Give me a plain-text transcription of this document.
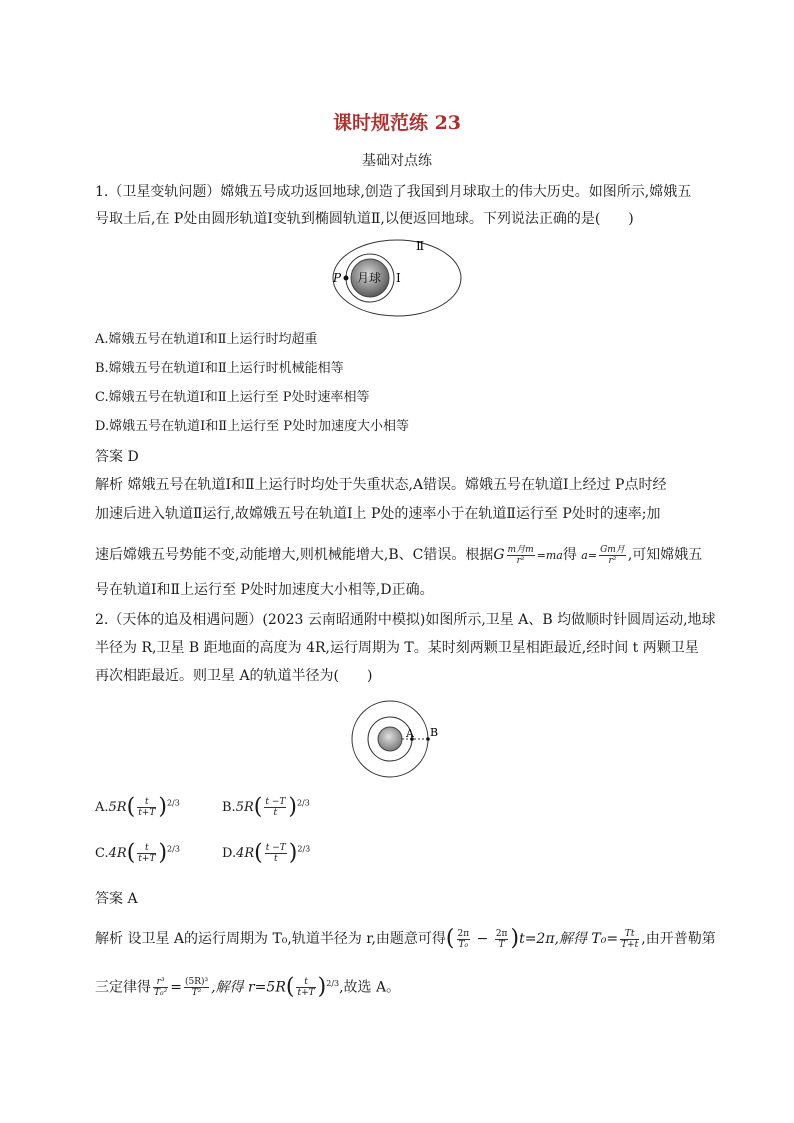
课时规范练 23
基础对点练
1.（卫星变轨问题）嫦娥五号成功返回地球,创造了我国到月球取土的伟大历史。如图所示,嫦娥五
号取土后,在 P处由圆形轨道Ⅰ变轨到椭圆轨道Ⅱ,以便返回地球。下列说法正确的是(　　)
月球
P	Ⅰ
Ⅱ
A.嫦娥五号在轨道Ⅰ和Ⅱ上运行时均超重
B.嫦娥五号在轨道Ⅰ和Ⅱ上运行时机械能相等
C.嫦娥五号在轨道Ⅰ和Ⅱ上运行至 P处时速率相等
D.嫦娥五号在轨道Ⅰ和Ⅱ上运行至 P处时加速度大小相等
答案 D
解析 嫦娥五号在轨道Ⅰ和Ⅱ上运行时均处于失重状态,A错误。嫦娥五号在轨道Ⅰ上经过 P点时经
加速后进入轨道Ⅱ运行,故嫦娥五号在轨道Ⅰ上 P处的速率小于在轨道Ⅱ运行至 P处时的速率;加
速后嫦娥五号势能不变,动能增大,则机械能增大,B、C错误。根据G $\frac{\text{m月m}}{\text{r²}} =ma$得 $a= \frac{\text{Gm月}}{\text{r²}}$ ,可知嫦娥五
号在轨道Ⅰ和Ⅱ上运行至 P处时加速度大小相等,D正确。
2.（天体的追及相遇问题）(2023 云南昭通附中模拟)如图所示,卫星 A、B 均做顺时针圆周运动,地球
半径为 R,卫星 B 距地面的高度为 4R,运行周期为 T。某时刻两颗卫星相距最近,经时间 t 两颗卫星
再次相距最近。则卫星 A的轨道半径为(　　)
A B
$A.5R( \frac{t}{t+T} )^{2/3}$	$B.5R( \frac{t -T}{t} )^{2/3}$
$C.4R( \frac{t}{t+T} )^{2/3}$	$D.4R( \frac{t -T}{t} )^{2/3}$
答案 A
解析 设卫星 A的运行周期为 T₀,轨道半径为 r,由题意可得( $\frac{2\pi}{\text{T₀}} - \frac{2\pi}{T} )t=2\pi$,解得 $T_0= \frac{Tt}{T+t}$ ,由开普勒第
三定律得 $\frac{\text{r³}}{\text{T₀²}} = \frac{\text{(5R)³}}{\text{T²}}$ ,解得 $r=5R( \frac{t}{t+T} )^{2/3}$,故选 A。
